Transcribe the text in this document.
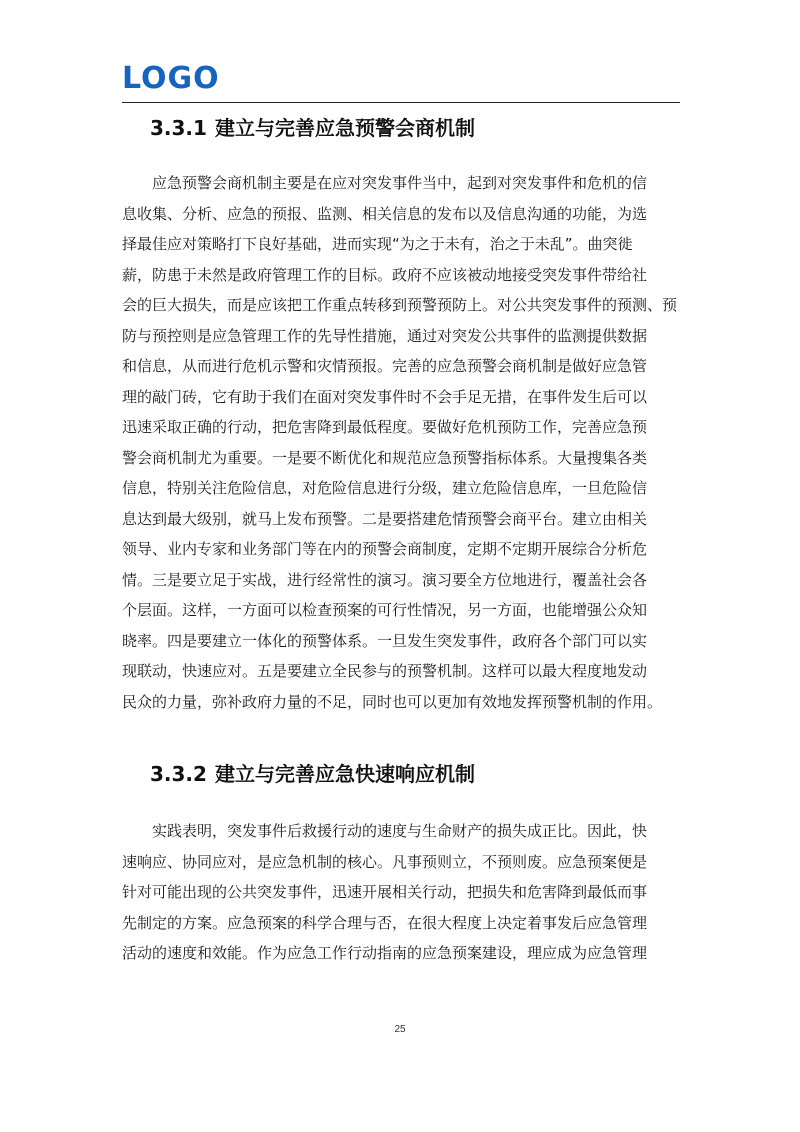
LOGO
3.3.1 建立与完善应急预警会商机制
　　应急预警会商机制主要是在应对突发事件当中，起到对突发事件和危机的信
息收集、分析、应急的预报、监测、相关信息的发布以及信息沟通的功能，为选
择最佳应对策略打下良好基础，进而实现“为之于未有，治之于未乱”。曲突徙
薪，防患于未然是政府管理工作的目标。政府不应该被动地接受突发事件带给社
会的巨大损失，而是应该把工作重点转移到预警预防上。对公共突发事件的预测、预
防与预控则是应急管理工作的先导性措施，通过对突发公共事件的监测提供数据
和信息，从而进行危机示警和灾情预报。完善的应急预警会商机制是做好应急管
理的敲门砖，它有助于我们在面对突发事件时不会手足无措，在事件发生后可以
迅速采取正确的行动，把危害降到最低程度。要做好危机预防工作，完善应急预
警会商机制尤为重要。一是要不断优化和规范应急预警指标体系。大量搜集各类
信息，特别关注危险信息，对危险信息进行分级，建立危险信息库，一旦危险信
息达到最大级别，就马上发布预警。二是要搭建危情预警会商平台。建立由相关
领导、业内专家和业务部门等在内的预警会商制度，定期不定期开展综合分析危
情。三是要立足于实战，进行经常性的演习。演习要全方位地进行，覆盖社会各
个层面。这样，一方面可以检查预案的可行性情况，另一方面，也能增强公众知
晓率。四是要建立一体化的预警体系。一旦发生突发事件，政府各个部门可以实
现联动，快速应对。五是要建立全民参与的预警机制。这样可以最大程度地发动
民众的力量，弥补政府力量的不足，同时也可以更加有效地发挥预警机制的作用。
3.3.2 建立与完善应急快速响应机制
　　实践表明，突发事件后救援行动的速度与生命财产的损失成正比。因此，快
速响应、协同应对，是应急机制的核心。凡事预则立，不预则废。应急预案便是
针对可能出现的公共突发事件，迅速开展相关行动，把损失和危害降到最低而事
先制定的方案。应急预案的科学合理与否，在很大程度上决定着事发后应急管理
活动的速度和效能。作为应急工作行动指南的应急预案建设，理应成为应急管理
25
